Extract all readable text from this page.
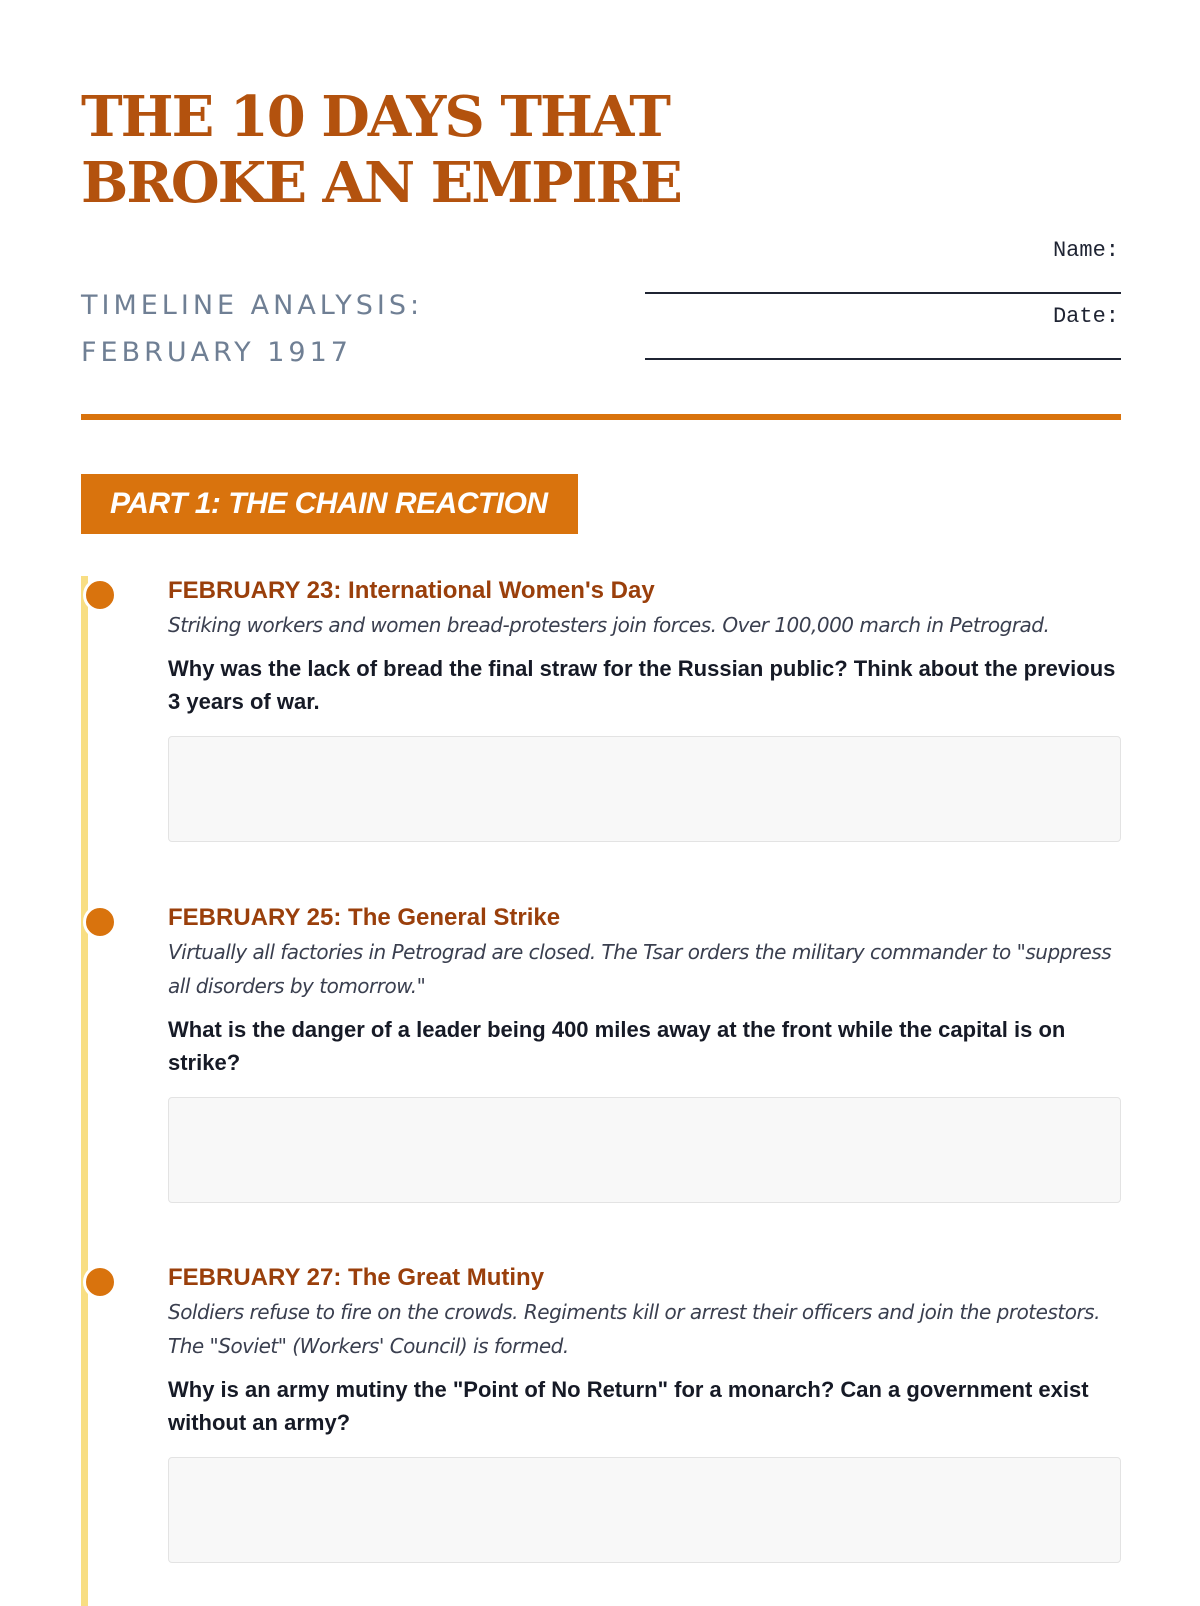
THE 10 DAYS THAT BROKE AN EMPIRE

TIMELINE ANALYSIS: FEBRUARY 1917

Name:
Date:
PART 1: THE CHAIN REACTION
FEBRUARY 23: International Women's Day

Striking workers and women bread-protesters join forces. Over 100,000 march in Petrograd.

Why was the lack of bread the final straw for the Russian public? Think about the previous 3 years of war.

FEBRUARY 25: The General Strike

Virtually all factories in Petrograd are closed. The Tsar orders the military commander to "suppress all disorders by tomorrow."

What is the danger of a leader being 400 miles away at the front while the capital is on strike?

FEBRUARY 27: The Great Mutiny

Soldiers refuse to fire on the crowds. Regiments kill or arrest their officers and join the protestors. The "Soviet" (Workers' Council) is formed.

Why is an army mutiny the "Point of No Return" for a monarch? Can a government exist without an army?
